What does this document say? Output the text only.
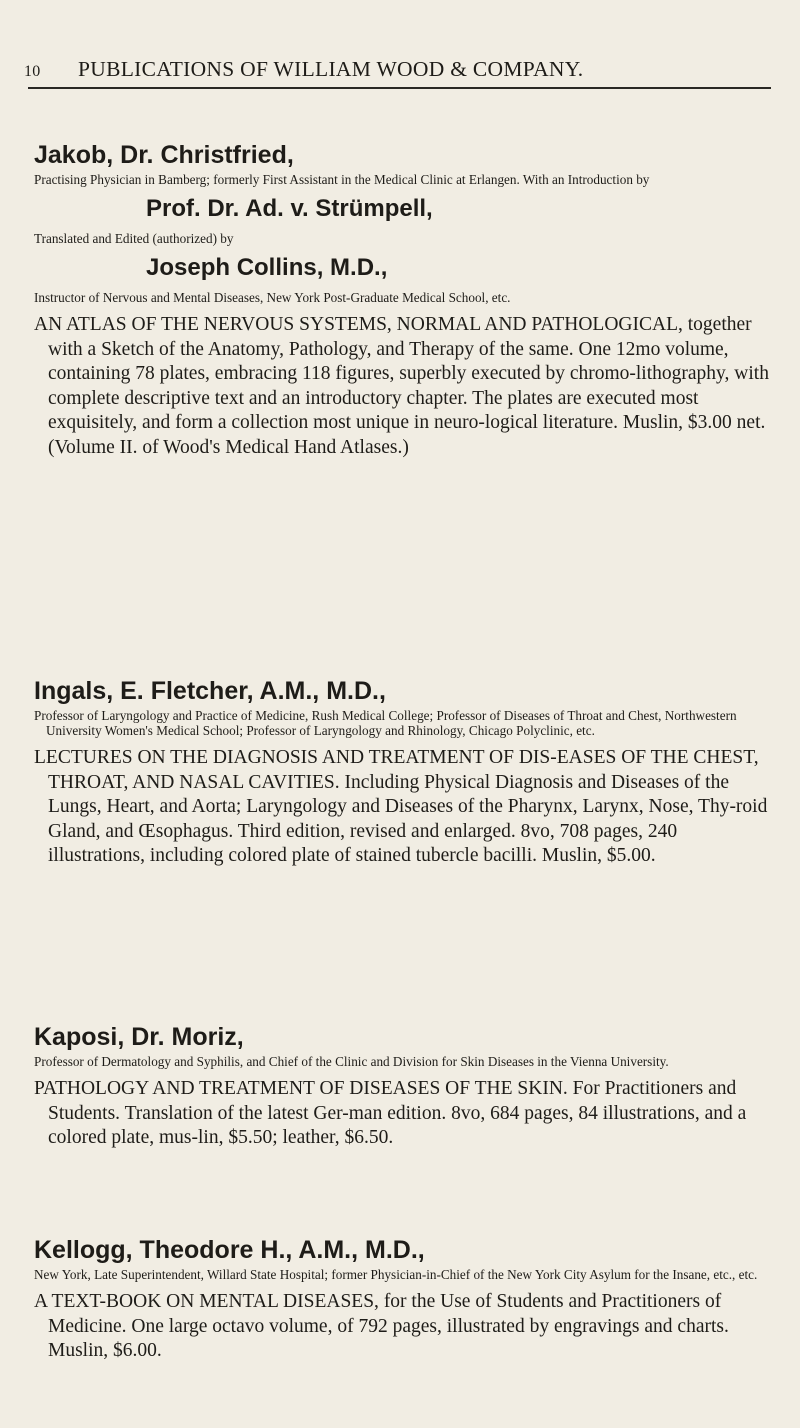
10 PUBLICATIONS OF WILLIAM WOOD & COMPANY.

Jakob, Dr. Christfried,

Practising Physician in Bamberg; formerly First Assistant in the Medical Clinic at Erlangen. With an Introduction by

Prof. Dr. Ad. v. Strümpell,

Translated and Edited (authorized) by

Joseph Collins, M.D.,

Instructor of Nervous and Mental Diseases, New York Post-Graduate Medical School, etc.

AN ATLAS OF THE NERVOUS SYSTEMS, NORMAL AND PATHOLOGICAL, together with a Sketch of the Anatomy, Pathology, and Therapy of the same. One 12mo volume, containing 78 plates, embracing 118 figures, superbly executed by chromo-lithography, with complete descriptive text and an introductory chapter. The plates are executed most exquisitely, and form a collection most unique in neuro-logical literature. Muslin, $3.00 net. (Volume II. of Wood's Medical Hand Atlases.)

Ingals, E. Fletcher, A.M., M.D.,

Professor of Laryngology and Practice of Medicine, Rush Medical College; Professor of Diseases of Throat and Chest, Northwestern University Women's Medical School; Professor of Laryngology and Rhinology, Chicago Polyclinic, etc.

LECTURES ON THE DIAGNOSIS AND TREATMENT OF DIS-EASES OF THE CHEST, THROAT, AND NASAL CAVITIES. Including Physical Diagnosis and Diseases of the Lungs, Heart, and Aorta; Laryngology and Diseases of the Pharynx, Larynx, Nose, Thy-roid Gland, and Œsophagus. Third edition, revised and enlarged. 8vo, 708 pages, 240 illustrations, including colored plate of stained tubercle bacilli. Muslin, $5.00.

Kaposi, Dr. Moriz,

Professor of Dermatology and Syphilis, and Chief of the Clinic and Division for Skin Diseases in the Vienna University.

PATHOLOGY AND TREATMENT OF DISEASES OF THE SKIN. For Practitioners and Students. Translation of the latest Ger-man edition. 8vo, 684 pages, 84 illustrations, and a colored plate, mus-lin, $5.50; leather, $6.50.

Kellogg, Theodore H., A.M., M.D.,

New York, Late Superintendent, Willard State Hospital; former Physician-in-Chief of the New York City Asylum for the Insane, etc., etc.

A TEXT-BOOK ON MENTAL DISEASES, for the Use of Students and Practitioners of Medicine. One large octavo volume, of 792 pages, illustrated by engravings and charts. Muslin, $6.00.
